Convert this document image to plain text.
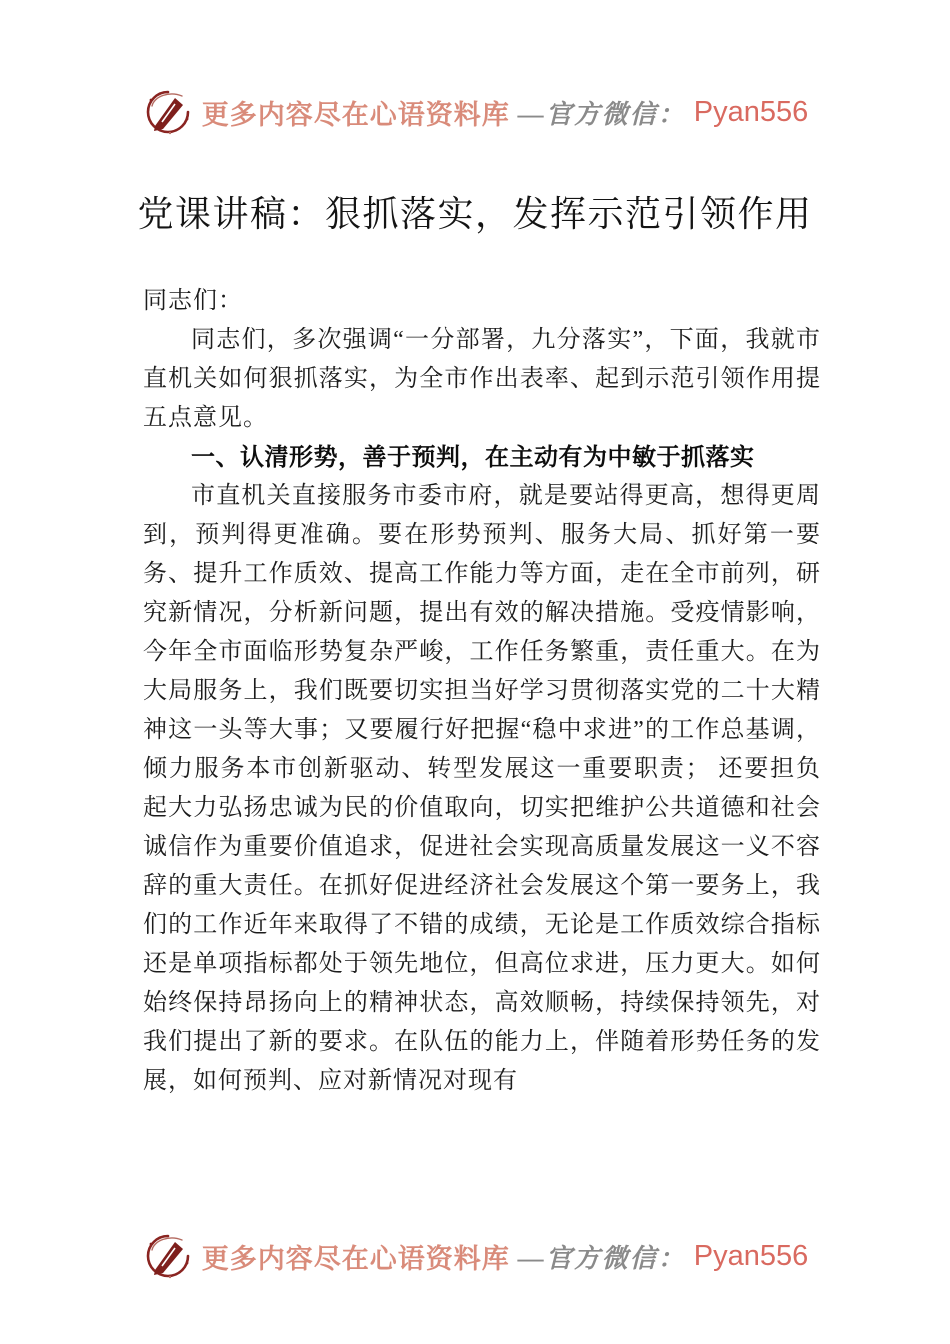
更多内容尽在心语资料库 —官方微信： Pyan556
党课讲稿：狠抓落实，发挥示范引领作用

同志们：

同志们，多次强调“一分部署，九分落实”，下面，我就市直机关如何狠抓落实，为全市作出表率、起到示范引领作用提五点意见。

一、认清形势，善于预判，在主动有为中敏于抓落实

市直机关直接服务市委市府，就是要站得更高，想得更周到，预判得更准确。要在形势预判、服务大局、抓好第一要务、提升工作质效、提高工作能力等方面，走在全市前列，研究新情况，分析新问题，提出有效的解决措施。受疫情影响，今年全市面临形势复杂严峻，工作任务繁重，责任重大。在为大局服务上，我们既要切实担当好学习贯彻落实党的二十大精神这一头等大事；又要履行好把握“稳中求进”的工作总基调，倾力服务本市创新驱动、转型发展这一重要职责； 还要担负起大力弘扬忠诚为民的价值取向，切实把维护公共道德和社会诚信作为重要价值追求，促进社会实现高质量发展这一义不容辞的重大责任。在抓好促进经济社会发展这个第一要务上，我们的工作近年来取得了不错的成绩，无论是工作质效综合指标还是单项指标都处于领先地位，但高位求进，压力更大。如何始终保持昂扬向上的精神状态，高效顺畅，持续保持领先，对我们提出了新的要求。在队伍的能力上，伴随着形势任务的发展，如何预判、应对新情况对现有

更多内容尽在心语资料库 —官方微信： Pyan556
